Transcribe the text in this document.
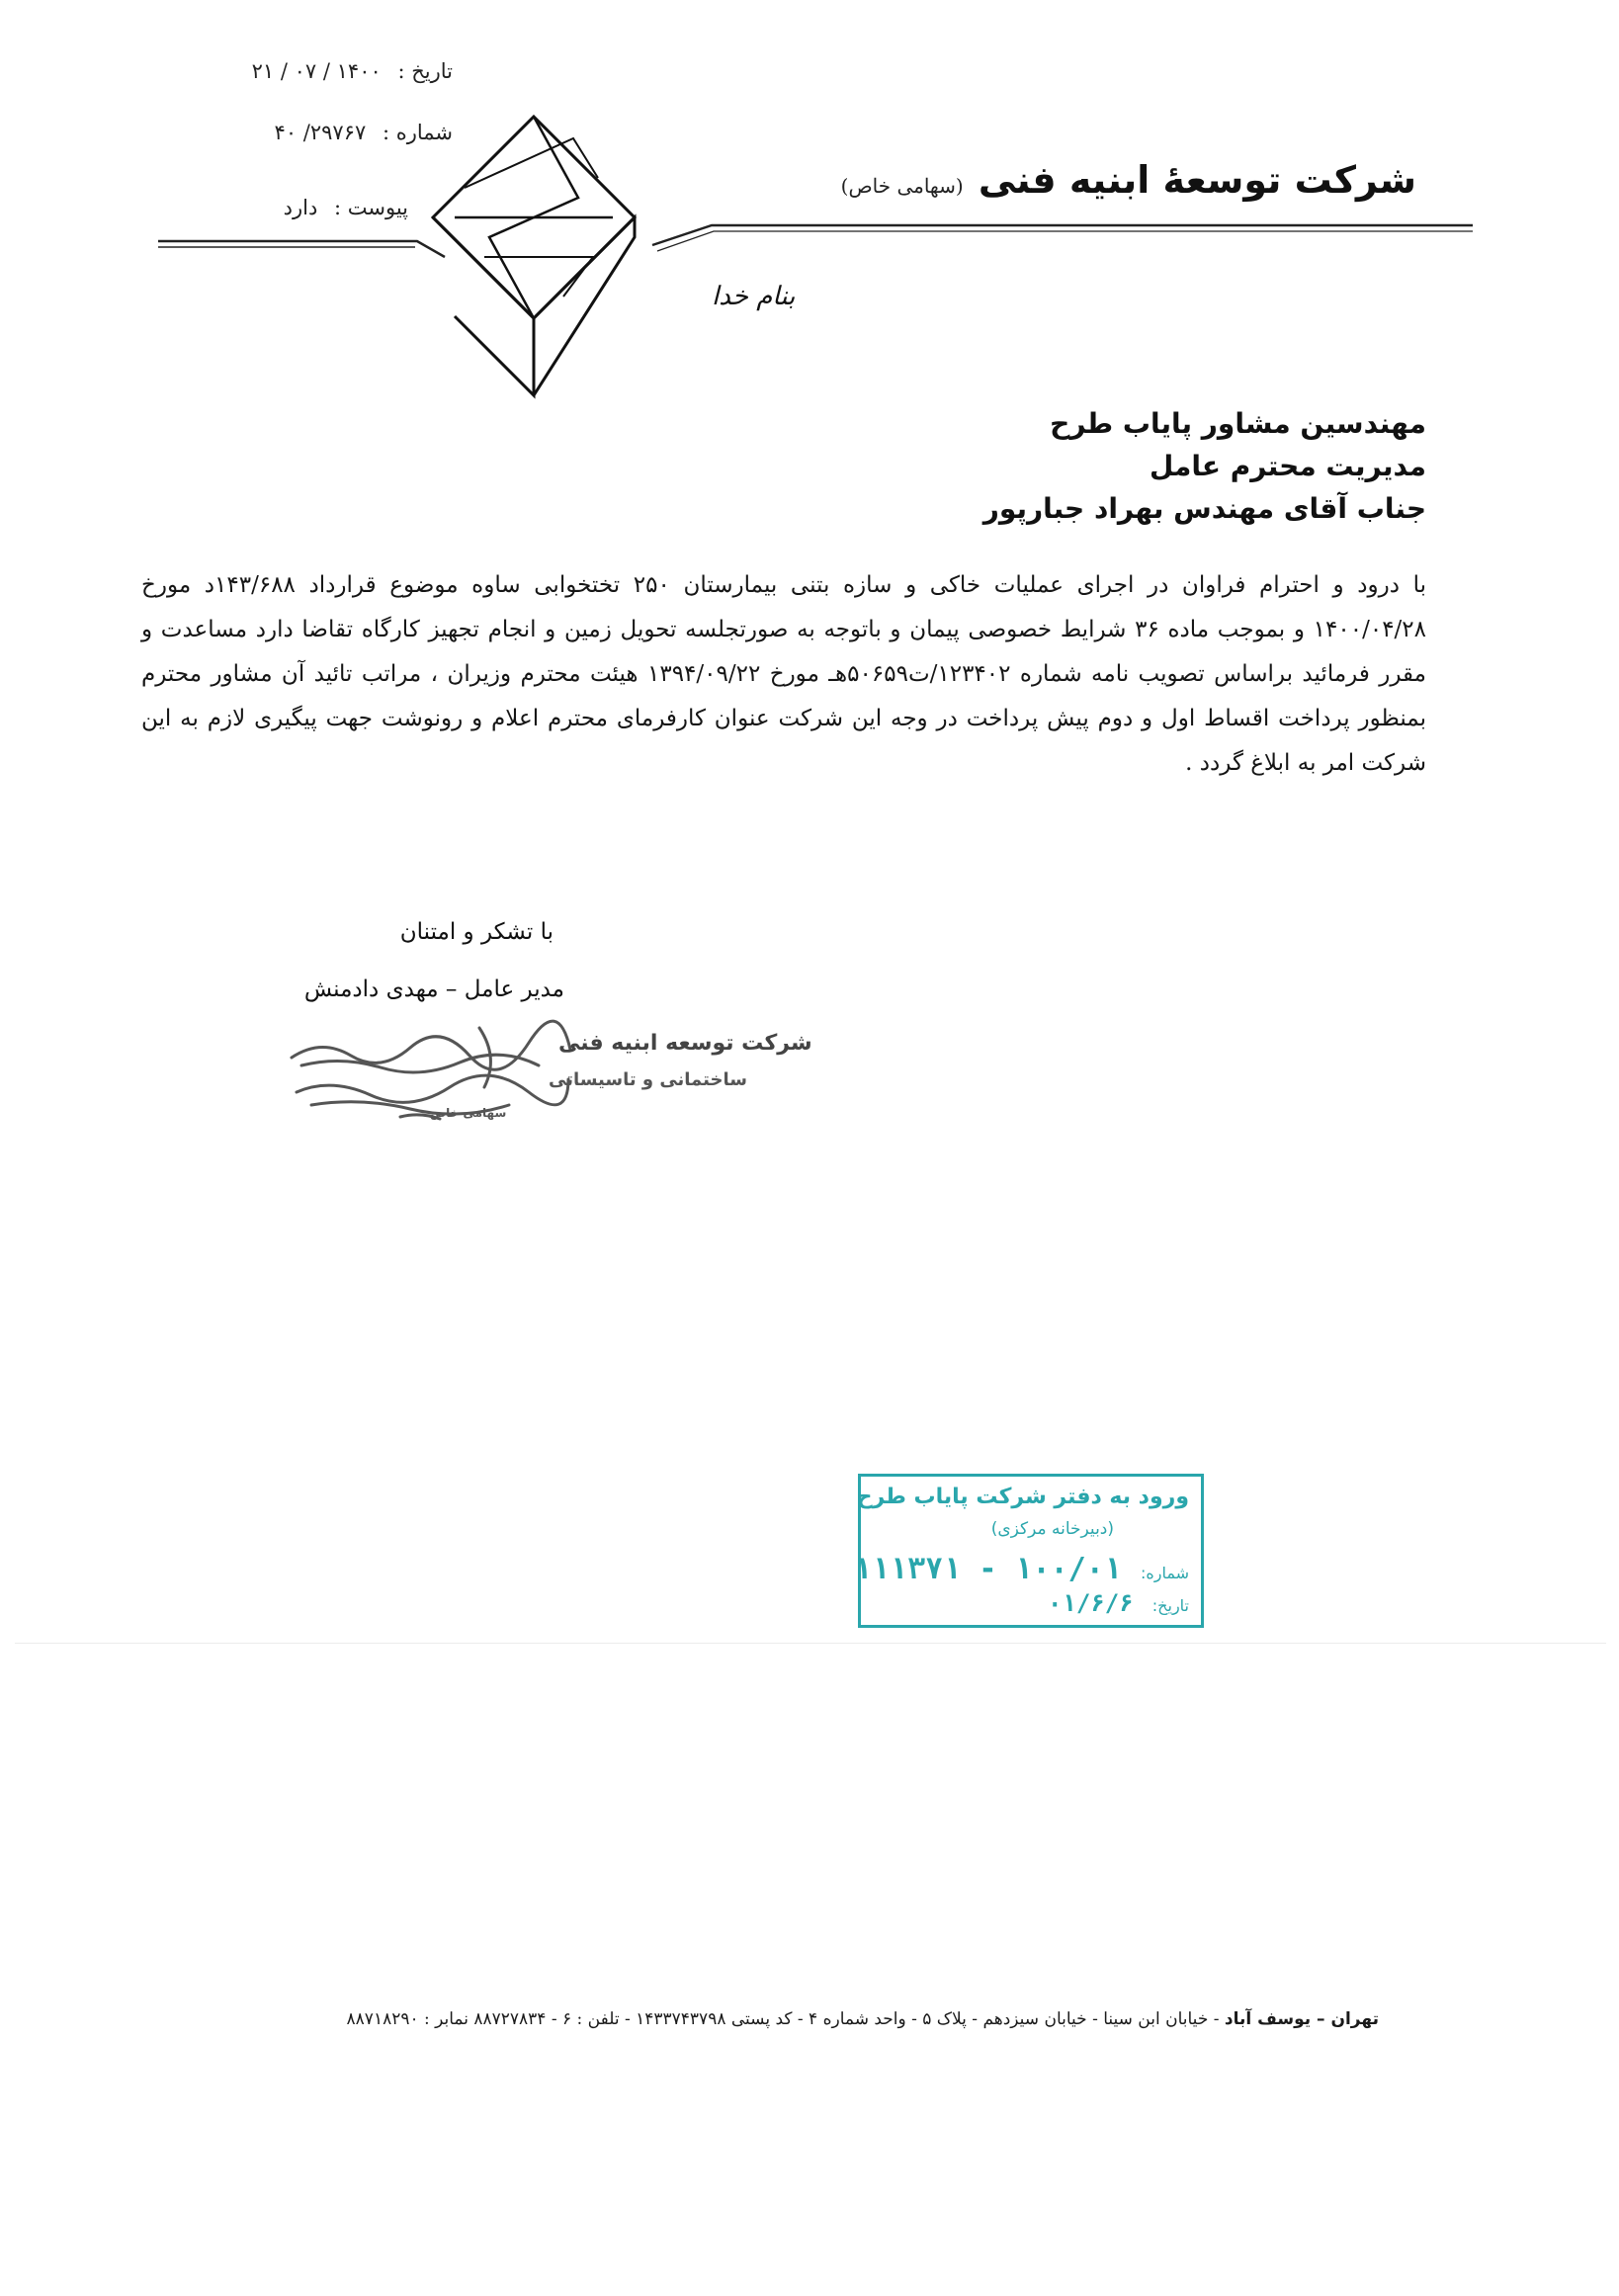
تاریخ : ۱۴۰۰ / ۰۷ / ۲۱
شماره : ۲۹۷۶۷/ ۴۰
پیوست : دارد
شرکت توسعهٔ ابنیه فنی (سهامی خاص)
بنام خدا
مهندسین مشاور پایاب طرح
مدیریت محترم عامل
جناب آقای مهندس بهراد جبارپور
با درود و احترام فراوان در اجرای عملیات خاکی و سازه بتنی بیمارستان ۲۵۰ تختخوابی ساوه موضوع قرارداد ۱۴۳/۶۸۸د مورخ ۱۴۰۰/۰۴/۲۸ و بموجب ماده ۳۶ شرایط خصوصی پیمان و باتوجه به صورتجلسه تحویل زمین و انجام تجهیز کارگاه تقاضا دارد مساعدت و مقرر فرمائید براساس تصویب نامه شماره ۱۲۳۴۰۲/ت۵۰۶۵۹هـ مورخ ۱۳۹۴/۰۹/۲۲ هیئت محترم وزیران ، مراتب تائید آن مشاور محترم بمنظور پرداخت اقساط اول و دوم پیش پرداخت در وجه این شرکت عنوان کارفرمای محترم اعلام و رونوشت جهت پیگیری لازم به این شرکت امر به ابلاغ گردد .
با تشکر و امتنان
مدیر عامل – مهدی دادمنش
شرکت توسعه ابنیه فنی
ساختمانی و تاسیساتی
سهامی خاص
ورود به دفتر شرکت پایاب طرح
(دبیرخانه مرکزی)
شماره: ۱۰۰/۰۱ - ۱۱۱۳۷۱
تاریخ: ۰۱/۶/۶
تهران – یوسف آباد - خیابان ابن سینا - خیابان سیزدهم - پلاک ۵ - واحد شماره ۴ - کد پستی ۱۴۳۳۷۴۳۷۹۸ - تلفن : ۶ - ۸۸۷۲۷۸۳۴ نمابر : ۸۸۷۱۸۲۹۰
